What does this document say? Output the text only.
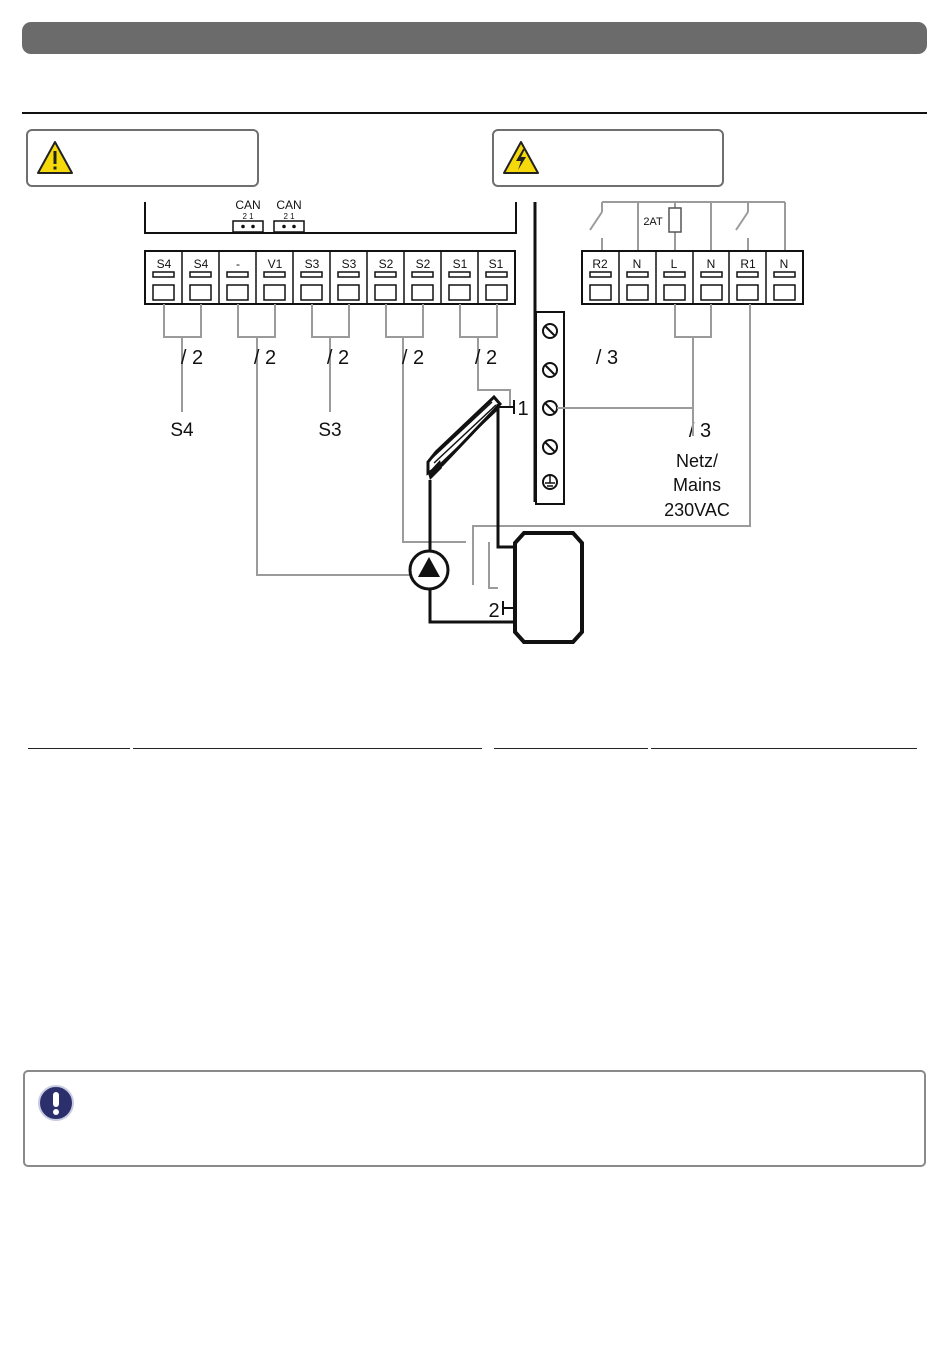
CAN
2 1
CAN
2 1
S4 S4 - V1 S3 S3 S2 S2 S1 S1
/ 2	/ 2	/ 2	/ 2	/ 2	/ 3
/ 3
S4	S3
2AT
R2 N L N R1 N
Netz/
Mains
230VAC
1
2
